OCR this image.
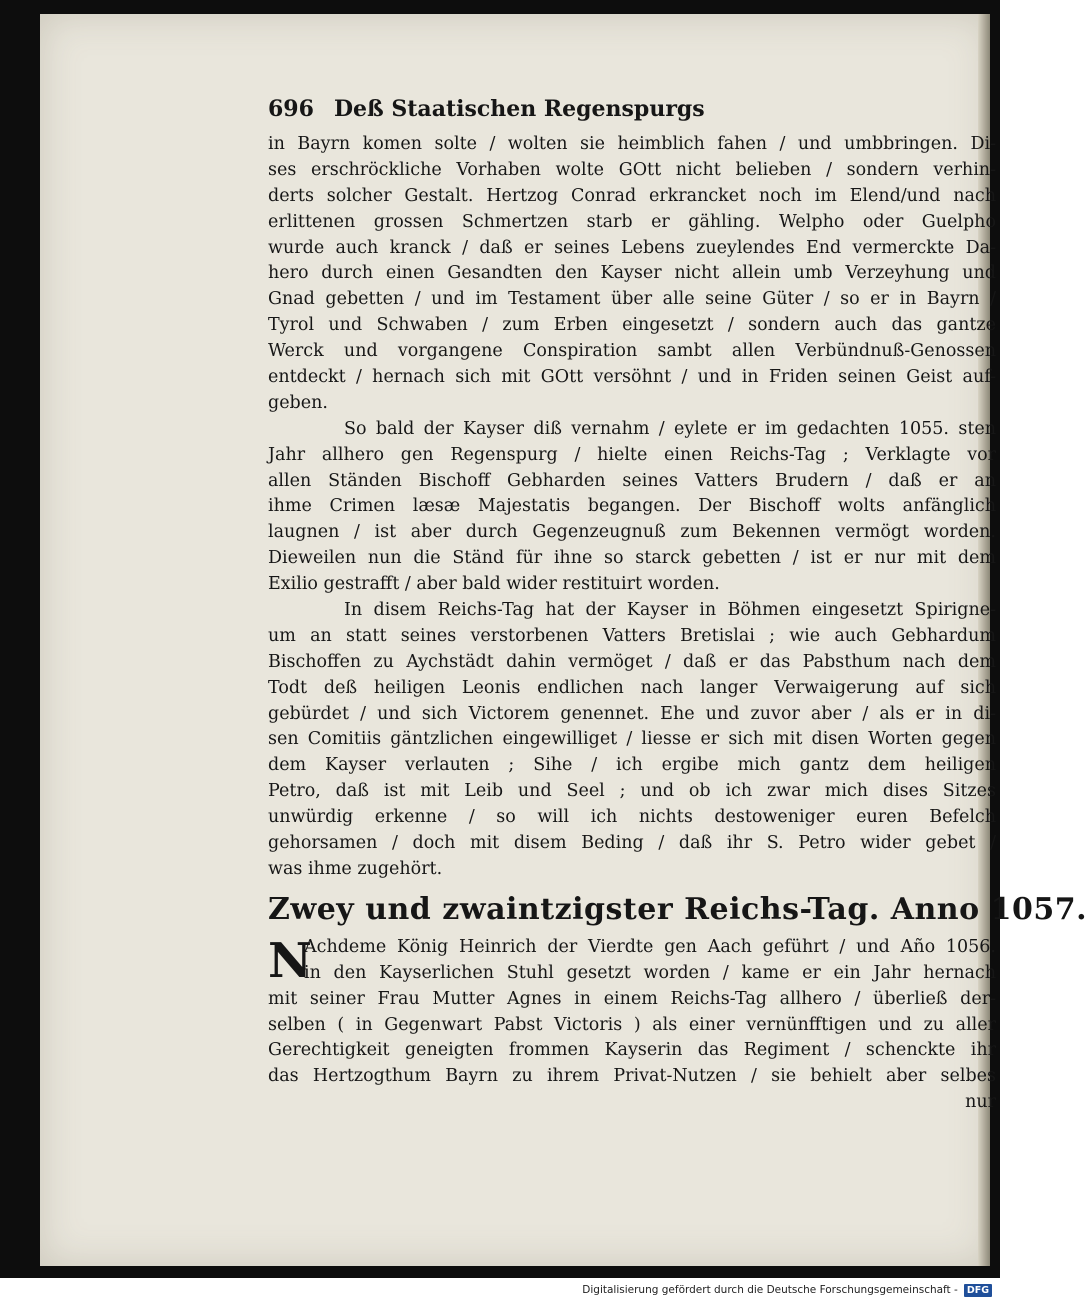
696 Deß Staatischen Regenspurgs
in Bayrn komen solte / wolten sie heimblich fahen / und umbbringen. Di-
ses erschröckliche Vorhaben wolte GOtt nicht belieben / sondern verhin-
derts solcher Gestalt. Hertzog Conrad erkrancket noch im Elend/und nach
erlittenen grossen Schmertzen starb er gähling. Welpho oder Guelpho
wurde auch kranck / daß er seines Lebens zueylendes End vermerckte Da-
hero durch einen Gesandten den Kayser nicht allein umb Verzeyhung und
Gnad gebetten / und im Testament über alle seine Güter / so er in Bayrn /
Tyrol und Schwaben / zum Erben eingesetzt / sondern auch das gantze
Werck und vorgangene Conspiration sambt allen Verbündnuß-Genossen
entdeckt / hernach sich mit GOtt versöhnt / und in Friden seinen Geist auf-
geben.
So bald der Kayser diß vernahm / eylete er im gedachten 1055. sten
Jahr allhero gen Regenspurg / hielte einen Reichs-Tag ; Verklagte vor
allen Ständen Bischoff Gebharden seines Vatters Brudern / daß er an
ihme Crimen læsæ Majestatis begangen. Der Bischoff wolts anfänglich
laugnen / ist aber durch Gegenzeugnuß zum Bekennen vermögt worden.
Dieweilen nun die Ständ für ihne so starck gebetten / ist er nur mit dem
Exilio gestrafft / aber bald wider restituirt worden.
In disem Reichs-Tag hat der Kayser in Böhmen eingesetzt Spirigne-
um an statt seines verstorbenen Vatters Bretislai ; wie auch Gebhardum
Bischoffen zu Aychstädt dahin vermöget / daß er das Pabsthum nach dem
Todt deß heiligen Leonis endlichen nach langer Verwaigerung auf sich
gebürdet / und sich Victorem genennet. Ehe und zuvor aber / als er in di-
sen Comitiis gäntzlichen eingewilliget / liesse er sich mit disen Worten gegen
dem Kayser verlauten ; Sihe / ich ergibe mich gantz dem heiligen
Petro, daß ist mit Leib und Seel ; und ob ich zwar mich dises Sitzes
unwürdig erkenne / so will ich nichts destoweniger euren Befelch
gehorsamen / doch mit disem Beding / daß ihr S. Petro wider gebet /
was ihme zugehört.
Zwey und zwaintzigster Reichs-Tag. Anno 1057.
N
Achdeme König Heinrich der Vierdte gen Aach geführt / und Año 1056.
in den Kayserlichen Stuhl gesetzt worden / kame er ein Jahr hernach
mit seiner Frau Mutter Agnes in einem Reichs-Tag allhero / überließ der-
selben ( in Gegenwart Pabst Victoris ) als einer vernünfftigen und zu aller
Gerechtigkeit geneigten frommen Kayserin das Regiment / schenckte ihr
das Hertzogthum Bayrn zu ihrem Privat-Nutzen / sie behielt aber selbes
nur
Digitalisierung gefördert durch die Deutsche Forschungsgemeinschaft - DFG
